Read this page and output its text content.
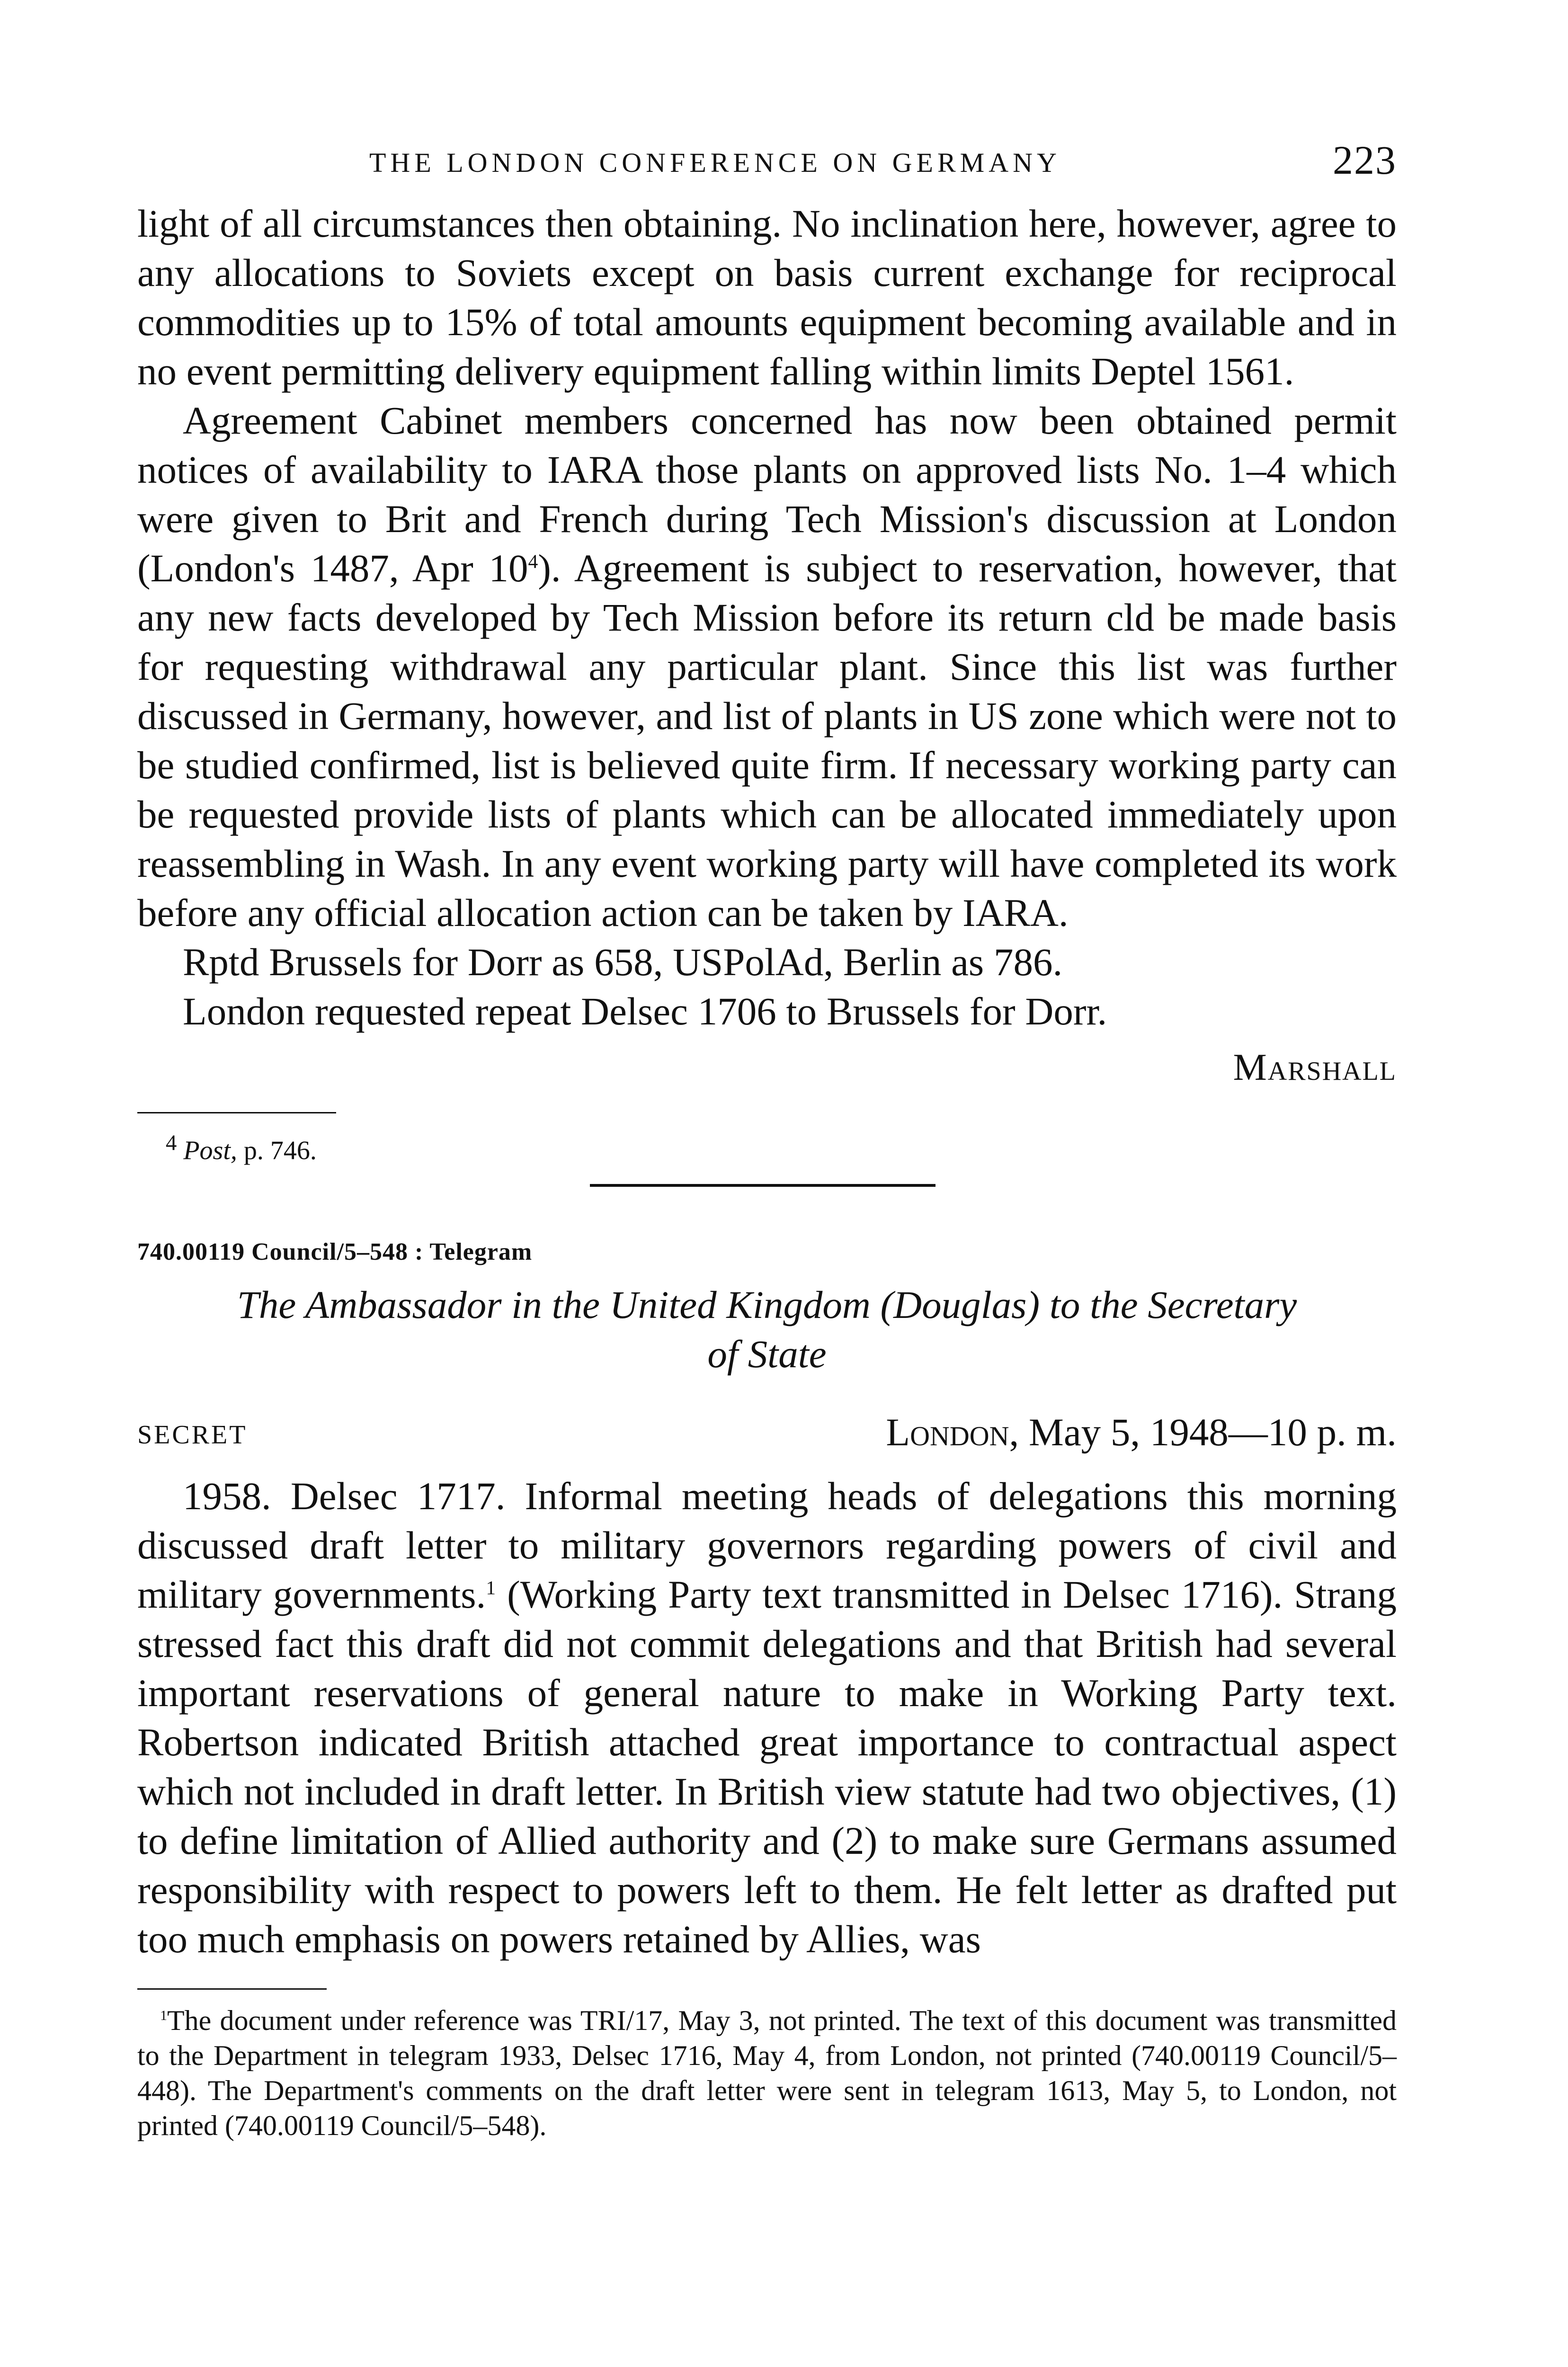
THE LONDON CONFERENCE ON GERMANY	223

light of all circumstances then obtaining. No inclination here, however, agree to any allocations to Soviets except on basis current exchange for reciprocal commodities up to 15% of total amounts equipment becoming available and in no event permitting delivery equipment falling within limits Deptel 1561.

Agreement Cabinet members concerned has now been obtained permit notices of availability to IARA those plants on approved lists No. 1–4 which were given to Brit and French during Tech Mission's discussion at London (London's 1487, Apr $10^4$). Agreement is subject to reservation, however, that any new facts developed by Tech Mission before its return cld be made basis for requesting withdrawal any particular plant. Since this list was further discussed in Germany, however, and list of plants in US zone which were not to be studied confirmed, list is believed quite firm. If necessary working party can be requested provide lists of plants which can be allocated immediately upon reassembling in Wash. In any event working party will have completed its work before any official allocation action can be taken by IARA.

Rptd Brussels for Dorr as 658, USPolAd, Berlin as 786.

London requested repeat Delsec 1706 to Brussels for Dorr.

Marshall
$^4$ Post, p. 746.
740.00119 Council/5–548 : Telegram
The Ambassador in the United Kingdom (Douglas) to the Secretary
of State
SECRET	London, May 5, 1948—10 p. m.

1958. Delsec 1717. Informal meeting heads of delegations this morning discussed draft letter to military governors regarding powers of civil and military governments.$^1$ (Working Party text transmitted in Delsec 1716). Strang stressed fact this draft did not commit delegations and that British had several important reservations of general nature to make in Working Party text. Robertson indicated British attached great importance to contractual aspect which not included in draft letter. In British view statute had two objectives, (1) to define limitation of Allied authority and (2) to make sure Germans assumed responsibility with respect to powers left to them. He felt letter as drafted put too much emphasis on powers retained by Allies, was

$^1$The document under reference was TRI/17, May 3, not printed. The text of this document was transmitted to the Department in telegram 1933, Delsec 1716, May 4, from London, not printed (740.00119 Council/5–448). The Department's comments on the draft letter were sent in telegram 1613, May 5, to London, not printed (740.00119 Council/5–548).
